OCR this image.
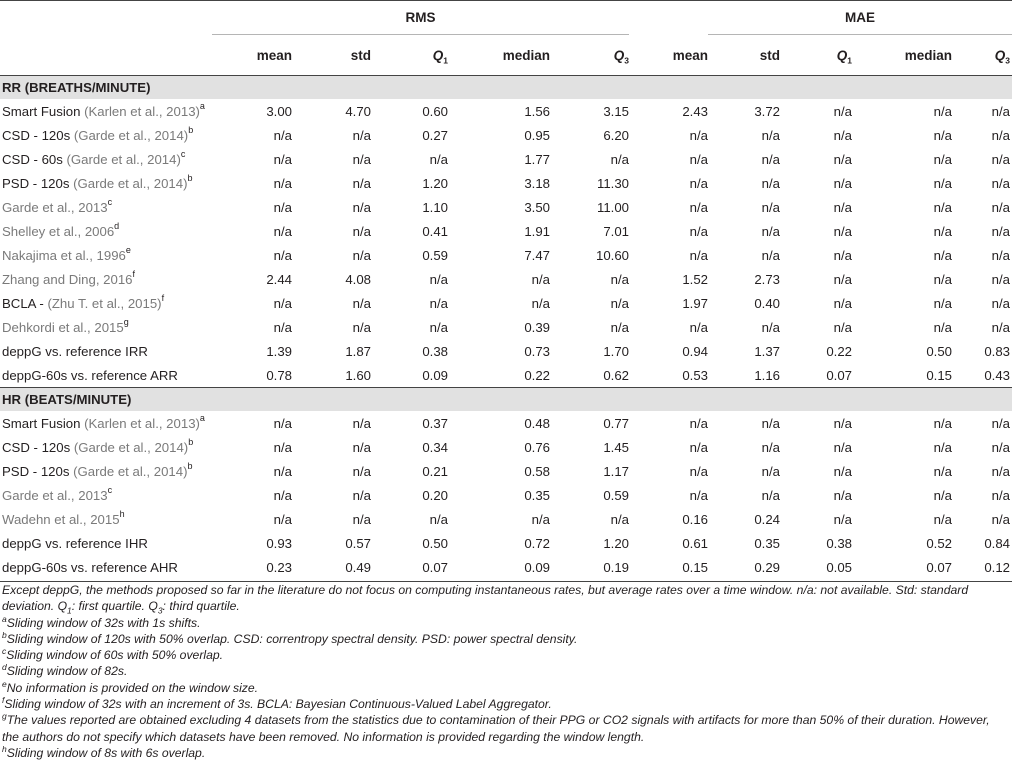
	RMS						MAE			
	mean	std	$Q_1$	median	$Q_3$	mean	std	$Q_1$	median	$Q_3$
RR (BREATHS/MINUTE)										
Smart Fusion (Karlen et al., 2013)$^a$	3.00	4.70	0.60	1.56	3.15	2.43	3.72	n/a	n/a	n/a
CSD - 120s (Garde et al., 2014)$^b$	n/a	n/a	0.27	0.95	6.20	n/a	n/a	n/a	n/a	n/a
CSD - 60s (Garde et al., 2014)$^c$	n/a	n/a	n/a	1.77	n/a	n/a	n/a	n/a	n/a	n/a
PSD - 120s (Garde et al., 2014)$^b$	n/a	n/a	1.20	3.18	11.30	n/a	n/a	n/a	n/a	n/a
Garde et al., 2013$^c$	n/a	n/a	1.10	3.50	11.00	n/a	n/a	n/a	n/a	n/a
Shelley et al., 2006$^d$	n/a	n/a	0.41	1.91	7.01	n/a	n/a	n/a	n/a	n/a
Nakajima et al., 1996e	n/a	n/a	0.59	7.47	10.60	n/a	n/a	n/a	n/a	n/a
Zhang and Ding, 2016$^f$	2.44	4.08	n/a	n/a	n/a	1.52	2.73	n/a	n/a	n/a
BCLA - (Zhu T. et al., 2015)$^f$	n/a	n/a	n/a	n/a	n/a	1.97	0.40	n/a	n/a	n/a
Dehkordi et al., 2015$^g$	n/a	n/a	n/a	0.39	n/a	n/a	n/a	n/a	n/a	n/a
deppG vs. reference IRR	1.39	1.87	0.38	0.73	1.70	0.94	1.37	0.22	0.50	0.83
deppG-60s vs. reference ARR	0.78	1.60	0.09	0.22	0.62	0.53	1.16	0.07	0.15	0.43
HR (BEATS/MINUTE)										
Smart Fusion (Karlen et al., 2013)$^a$	n/a	n/a	0.37	0.48	0.77	n/a	n/a	n/a	n/a	n/a
CSD - 120s (Garde et al., 2014)$^b$	n/a	n/a	0.34	0.76	1.45	n/a	n/a	n/a	n/a	n/a
PSD - 120s (Garde et al., 2014)$^b$	n/a	n/a	0.21	0.58	1.17	n/a	n/a	n/a	n/a	n/a
Garde et al., 2013$^c$	n/a	n/a	0.20	0.35	0.59	n/a	n/a	n/a	n/a	n/a
Wadehn et al., 2015$^h$	n/a	n/a	n/a	n/a	n/a	0.16	0.24	n/a	n/a	n/a
deppG vs. reference IHR	0.93	0.57	0.50	0.72	1.20	0.61	0.35	0.38	0.52	0.84
deppG-60s vs. reference AHR	0.23	0.49	0.07	0.09	0.19	0.15	0.29	0.05	0.07	0.12
Except deppG, the methods proposed so far in the literature do not focus on computing instantaneous rates, but average rates over a time window. n/a: not available. Std: standard deviation. $Q_1$: first quartile. $Q_3$: third quartile.
$^a$Sliding window of 32s with 1s shifts.
$^b$Sliding window of 120s with 50% overlap. CSD: correntropy spectral density. PSD: power spectral density.
$^c$Sliding window of 60s with 50% overlap.
$^d$Sliding window of 82s.
$^e$No information is provided on the window size.
$^f$Sliding window of 32s with an increment of 3s. BCLA: Bayesian Continuous-Valued Label Aggregator.
$^g$The values reported are obtained excluding 4 datasets from the statistics due to contamination of their PPG or CO2 signals with artifacts for more than 50% of their duration. However, the authors do not specify which datasets have been removed. No information is provided regarding the window length.
$^h$Sliding window of 8s with 6s overlap.
